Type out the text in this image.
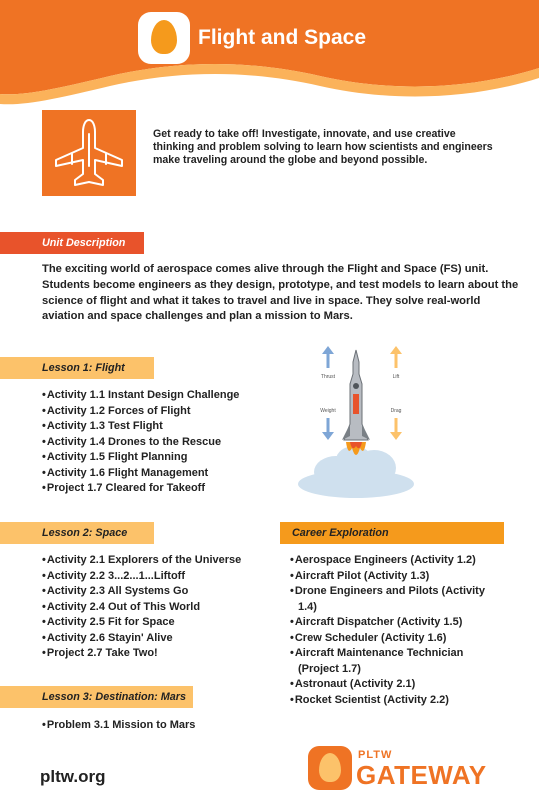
Flight and Space
Get ready to take off! Investigate, innovate, and use creative thinking and problem solving to learn how scientists and engineers make traveling around the globe and beyond possible.
Unit Description
The exciting world of aerospace comes alive through the Flight and Space (FS) unit. Students become engineers as they design, prototype, and test models to learn about the science of flight and what it takes to travel and live in space. They solve real-world aviation and space challenges and plan a mission to Mars.
Lesson 1: Flight
• Activity 1.1 Instant Design Challenge
• Activity 1.2 Forces of Flight
• Activity 1.3 Test Flight
• Activity 1.4 Drones to the Rescue
• Activity 1.5 Flight Planning
• Activity 1.6 Flight Management
• Project 1.7 Cleared for Takeoff
Thrust	Lift
Weight	Drag
Lesson 2: Space
• Activity 2.1 Explorers of the Universe
• Activity 2.2 3...2...1...Liftoff
• Activity 2.3 All Systems Go
• Activity 2.4 Out of This World
• Activity 2.5 Fit for Space
• Activity 2.6 Stayin' Alive
• Project 2.7 Take Two!
Career Exploration
• Aerospace Engineers (Activity 1.2)
• Aircraft Pilot (Activity 1.3)
• Drone Engineers and Pilots (Activity 1.4)
• Aircraft Dispatcher (Activity 1.5)
• Crew Scheduler (Activity 1.6)
• Aircraft Maintenance Technician (Project 1.7)
• Astronaut (Activity 2.1)
• Rocket Scientist (Activity 2.2)
Lesson 3: Destination: Mars
• Problem 3.1 Mission to Mars
pltw.org
PLTW
GATEWAY
